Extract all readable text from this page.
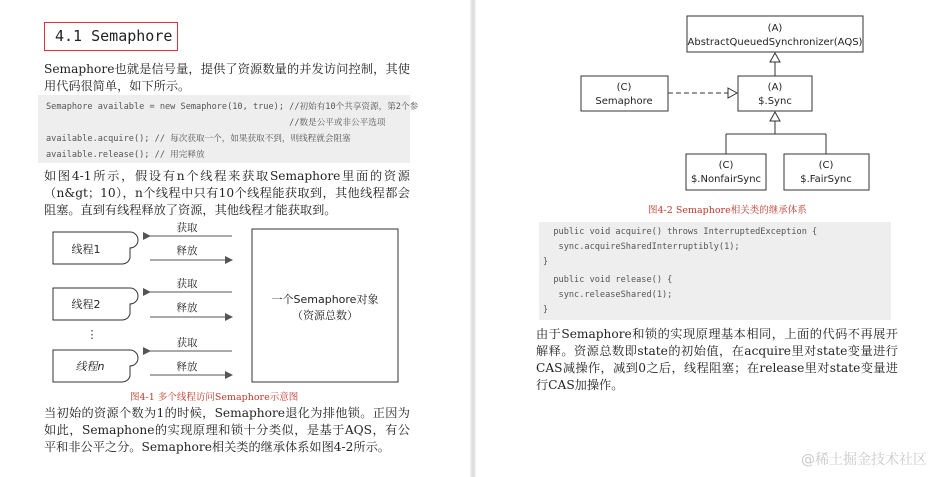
4.1 Semaphore
Semaphore也就是信号量，提供了资源数量的并发访问控制，其使用代码很简单，如下所示。
Semaphore available = new Semaphore(10, true); //初始有10个共享资源，第2个参
//数是公平或非公平选项
available.acquire(); // 每次获取一个，如果获取不到，则线程就会阻塞
available.release(); // 用完释放
如图4-1所示，假设有n个线程来获取Semaphore里面的资源（n&gt；10），n个线程中只有10个线程能获取到，其他线程都会阻塞。直到有线程释放了资源，其他线程才能获取到。
线程1
线程2
⋮
线程n
获取
释放
获取
释放
获取
释放
一个Semaphore对象
（资源总数）
图4-1 多个线程访问Semaphore示意图
当初始的资源个数为1的时候，Semaphore退化为排他锁。正因为如此，Semaphone的实现原理和锁十分类似，是基于AQS，有公平和非公平之分。Semaphore相关类的继承体系如图4-2所示。
(A)
AbstractQueuedSynchronizer(AQS)
(A)
$.Sync
(C)
Semaphore
(C)
$.NonfairSync
(C)
$.FairSync
图4-2 Semaphore相关类的继承体系
public void acquire() throws InterruptedException {
sync.acquireSharedInterruptibly(1);
}
public void release() {
sync.releaseShared(1);
}
由于Semaphore和锁的实现原理基本相同，上面的代码不再展开解释。资源总数即state的初始值，在acquire里对state变量进行CAS减操作，减到0之后，线程阻塞；在release里对state变量进行CAS加操作。
@稀土掘金技术社区
